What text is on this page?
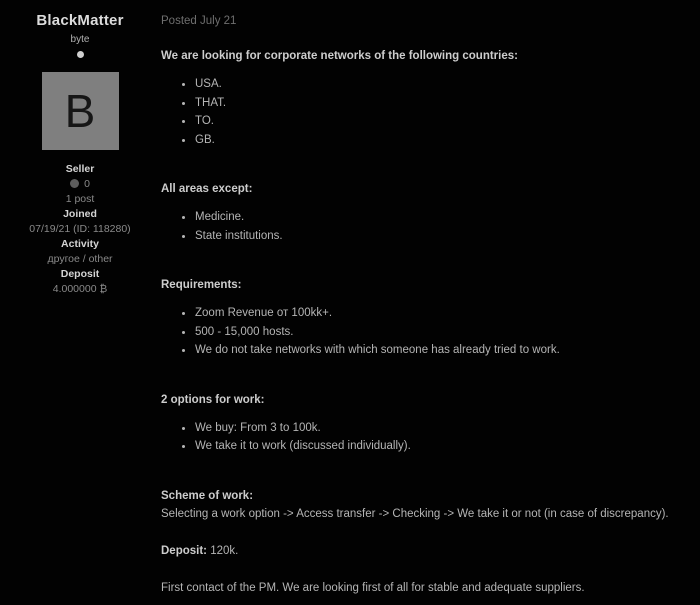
BlackMatter
byte
B
Seller
0
1 post
Joined
07/19/21 (ID: 118280)
Activity
другое / other
Deposit
4.000000 ₿
Posted July 21
We are looking for corporate networks of the following countries:
• USA.
• THAT.
• TO.
• GB.
All areas except:
• Medicine.
• State institutions.
Requirements:
• Zoom Revenue от 100kk+.
• 500 - 15,000 hosts.
• We do not take networks with which someone has already tried to work.
2 options for work:
• We buy: From 3 to 100k.
• We take it to work (discussed individually).
Scheme of work:

Selecting a work option -> Access transfer -> Checking -> We take it or not (in case of discrepancy).

Deposit: 120k.

First contact of the PM. We are looking first of all for stable and adequate suppliers.
